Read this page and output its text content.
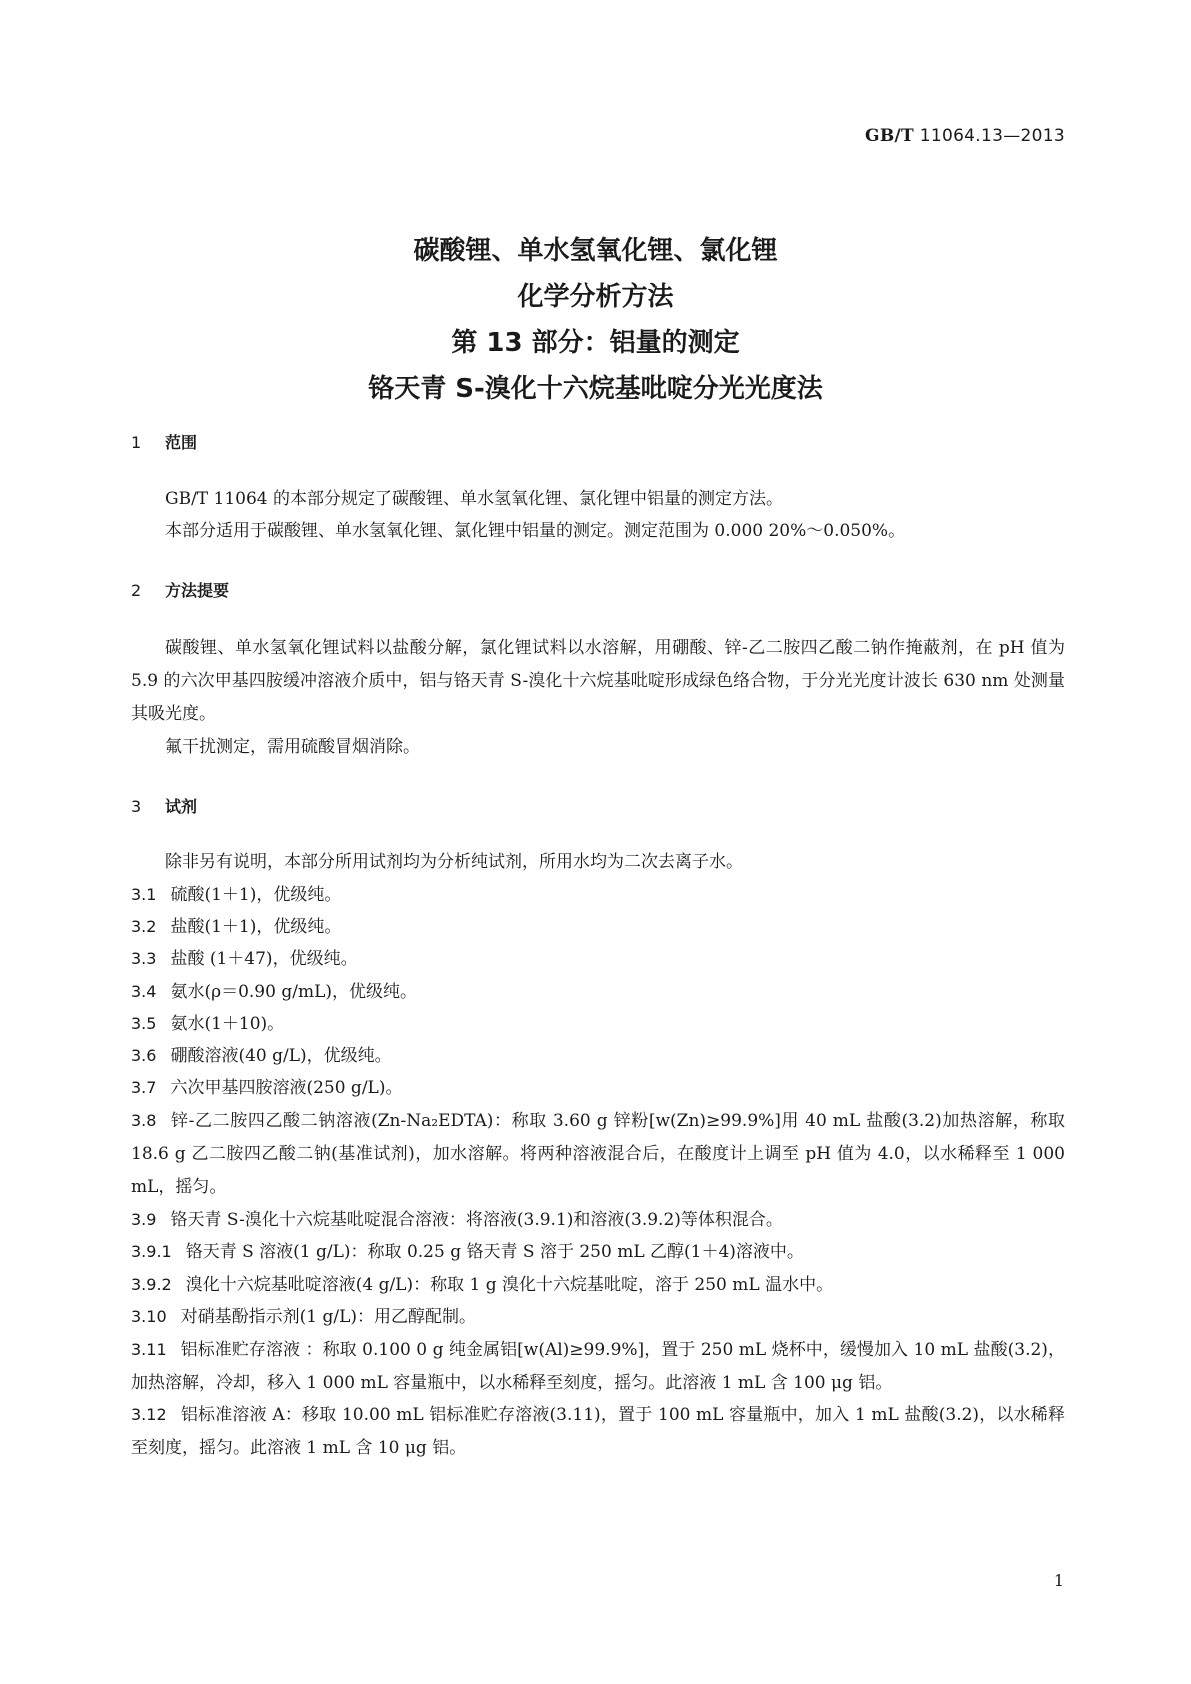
GB/T 11064.13—2013
碳酸锂、单水氢氧化锂、氯化锂
化学分析方法
第 13 部分：铝量的测定
铬天青 S-溴化十六烷基吡啶分光光度法
1 范围
GB/T 11064 的本部分规定了碳酸锂、单水氢氧化锂、氯化锂中铝量的测定方法。
本部分适用于碳酸锂、单水氢氧化锂、氯化锂中铝量的测定。测定范围为 0.000 20%～0.050%。
2 方法提要
碳酸锂、单水氢氧化锂试料以盐酸分解，氯化锂试料以水溶解，用硼酸、锌-乙二胺四乙酸二钠作掩蔽剂，在 pH 值为 5.9 的六次甲基四胺缓冲溶液介质中，铝与铬天青 S-溴化十六烷基吡啶形成绿色络合物，于分光光度计波长 630 nm 处测量其吸光度。
氟干扰测定，需用硫酸冒烟消除。
3 试剂
除非另有说明，本部分所用试剂均为分析纯试剂，所用水均为二次去离子水。
3.1 硫酸(1＋1)，优级纯。
3.2 盐酸(1＋1)，优级纯。
3.3 盐酸 (1＋47)，优级纯。
3.4 氨水(ρ＝0.90 g/mL)，优级纯。
3.5 氨水(1＋10)。
3.6 硼酸溶液(40 g/L)，优级纯。
3.7 六次甲基四胺溶液(250 g/L)。
3.8 锌-乙二胺四乙酸二钠溶液(Zn-Na₂EDTA)：称取 3.60 g 锌粉[w(Zn)≥99.9%]用 40 mL 盐酸(3.2)加热溶解，称取 18.6 g 乙二胺四乙酸二钠(基准试剂)，加水溶解。将两种溶液混合后，在酸度计上调至 pH 值为 4.0，以水稀释至 1 000 mL，摇匀。
3.9 铬天青 S-溴化十六烷基吡啶混合溶液：将溶液(3.9.1)和溶液(3.9.2)等体积混合。
3.9.1 铬天青 S 溶液(1 g/L)：称取 0.25 g 铬天青 S 溶于 250 mL 乙醇(1＋4)溶液中。
3.9.2 溴化十六烷基吡啶溶液(4 g/L)：称取 1 g 溴化十六烷基吡啶，溶于 250 mL 温水中。
3.10 对硝基酚指示剂(1 g/L)：用乙醇配制。
3.11 铝标准贮存溶液 ：称取 0.100 0 g 纯金属铝[w(Al)≥99.9%]，置于 250 mL 烧杯中，缓慢加入 10 mL 盐酸(3.2)，加热溶解，冷却，移入 1 000 mL 容量瓶中，以水稀释至刻度，摇匀。此溶液 1 mL 含 100 μg 铝。
3.12 铝标准溶液 A：移取 10.00 mL 铝标准贮存溶液(3.11)，置于 100 mL 容量瓶中，加入 1 mL 盐酸(3.2)，以水稀释至刻度，摇匀。此溶液 1 mL 含 10 μg 铝。
1
